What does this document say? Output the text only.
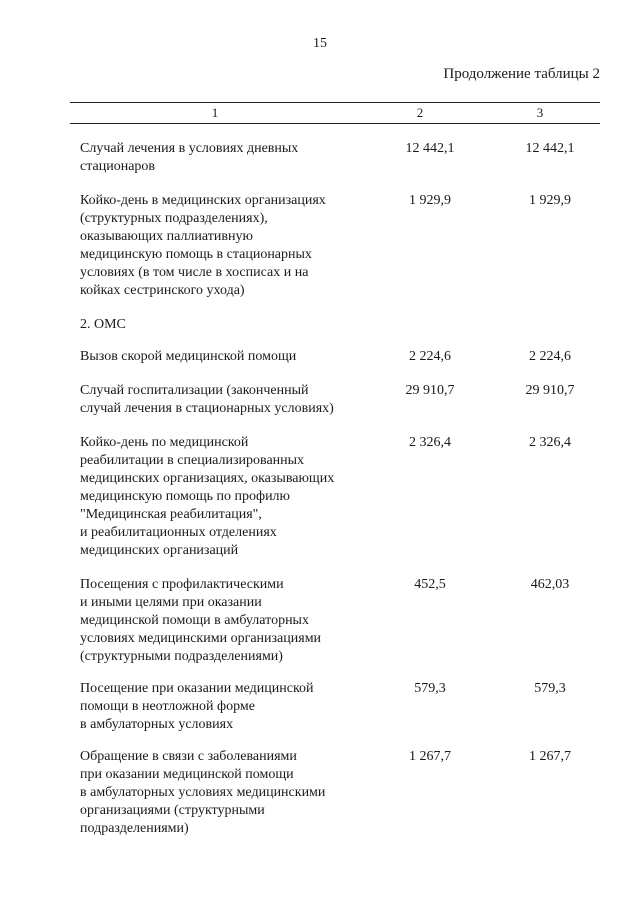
15
Продолжение таблицы 2
1	2	3
Случай лечения в условиях дневных
стационаров
12 442,1	12 442,1
Койко-день в медицинских организациях
(структурных подразделениях),
оказывающих паллиативную
медицинскую помощь в стационарных
условиях (в том числе в хосписах и на
койках сестринского ухода)
1 929,9	1 929,9
2. ОМС
Вызов скорой медицинской помощи	2 224,6	2 224,6
Случай госпитализации (законченный
случай лечения в стационарных условиях)
29 910,7	29 910,7
Койко-день по медицинской
реабилитации в специализированных
медицинских организациях, оказывающих
медицинскую помощь по профилю
"Медицинская реабилитация",
и реабилитационных отделениях
медицинских организаций
2 326,4	2 326,4
Посещения с профилактическими
и иными целями при оказании
медицинской помощи в амбулаторных
условиях медицинскими организациями
(структурными подразделениями)
452,5	462,03
Посещение при оказании медицинской
помощи в неотложной форме
в амбулаторных условиях
579,3	579,3
Обращение в связи с заболеваниями
при оказании медицинской помощи
в амбулаторных условиях медицинскими
организациями (структурными
подразделениями)
1 267,7	1 267,7
